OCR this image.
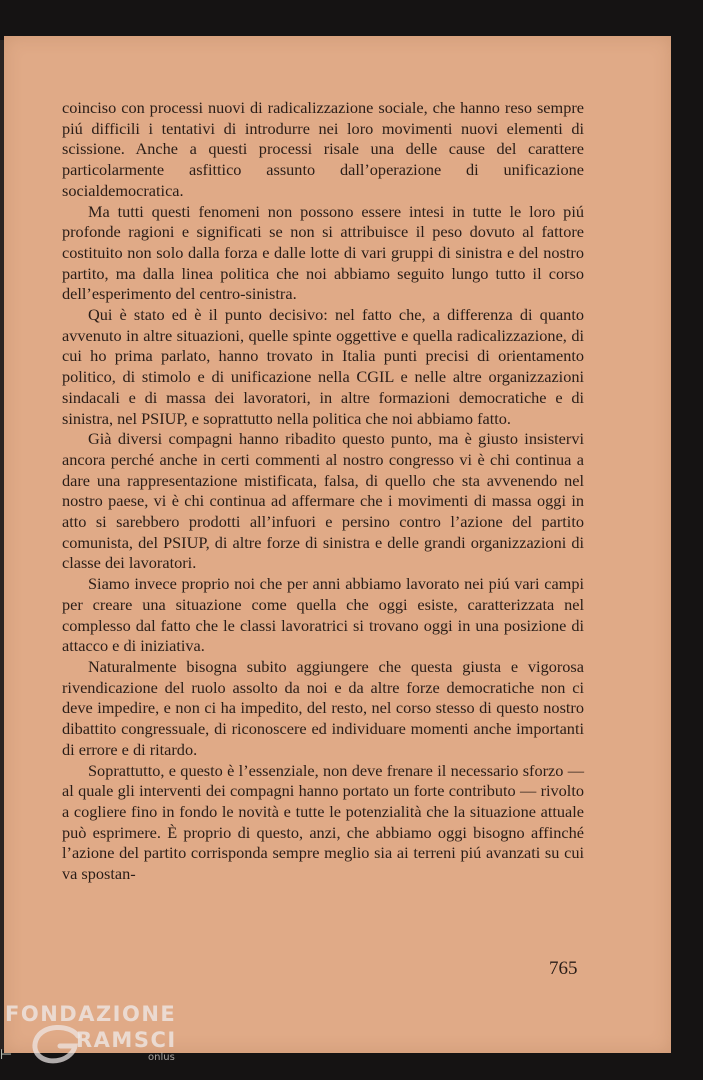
coinciso con processi nuovi di radicalizzazione sociale, che hanno reso sempre piú difficili i tentativi di introdurre nei loro movimenti nuovi elementi di scissione. Anche a questi processi risale una delle cause del carattere particolarmente asfittico assunto dall’operazione di unificazione socialdemocratica.

Ma tutti questi fenomeni non possono essere intesi in tutte le loro piú profonde ragioni e significati se non si attribuisce il peso dovuto al fattore costituito non solo dalla forza e dalle lotte di vari gruppi di sinistra e del nostro partito, ma dalla linea politica che noi abbiamo seguito lungo tutto il corso dell’esperimento del centro-sinistra.

Qui è stato ed è il punto decisivo: nel fatto che, a differenza di quanto avvenuto in altre situazioni, quelle spinte oggettive e quella radicalizzazione, di cui ho prima parlato, hanno trovato in Italia punti precisi di orientamento politico, di stimolo e di unificazione nella CGIL e nelle altre organizzazioni sindacali e di massa dei lavoratori, in altre formazioni democratiche e di sinistra, nel PSIUP, e soprattutto nella politica che noi abbiamo fatto.

Già diversi compagni hanno ribadito questo punto, ma è giusto insistervi ancora perché anche in certi commenti al nostro congresso vi è chi continua a dare una rappresentazione mistificata, falsa, di quello che sta avvenendo nel nostro paese, vi è chi continua ad affermare che i movimenti di massa oggi in atto si sarebbero prodotti all’infuori e persino contro l’azione del partito comunista, del PSIUP, di altre forze di sinistra e delle grandi organizzazioni di classe dei lavoratori.

Siamo invece proprio noi che per anni abbiamo lavorato nei piú vari campi per creare una situazione come quella che oggi esiste, caratterizzata nel complesso dal fatto che le classi lavoratrici si trovano oggi in una posizione di attacco e di iniziativa.

Naturalmente bisogna subito aggiungere che questa giusta e vigorosa rivendicazione del ruolo assolto da noi e da altre forze democratiche non ci deve impedire, e non ci ha impedito, del resto, nel corso stesso di questo nostro dibattito congressuale, di riconoscere ed individuare momenti anche importanti di errore e di ritardo.

Soprattutto, e questo è l’essenziale, non deve frenare il necessario sforzo — al quale gli interventi dei compagni hanno portato un forte contributo — rivolto a cogliere fino in fondo le novità e tutte le potenzialità che la situazione attuale può esprimere. È proprio di questo, anzi, che abbiamo oggi bisogno affinché l’azione del partito corrisponda sempre meglio sia ai terreni piú avanzati su cui va spostan-

765
⊢
FONDAZIONE
RAMSCI
onlus
